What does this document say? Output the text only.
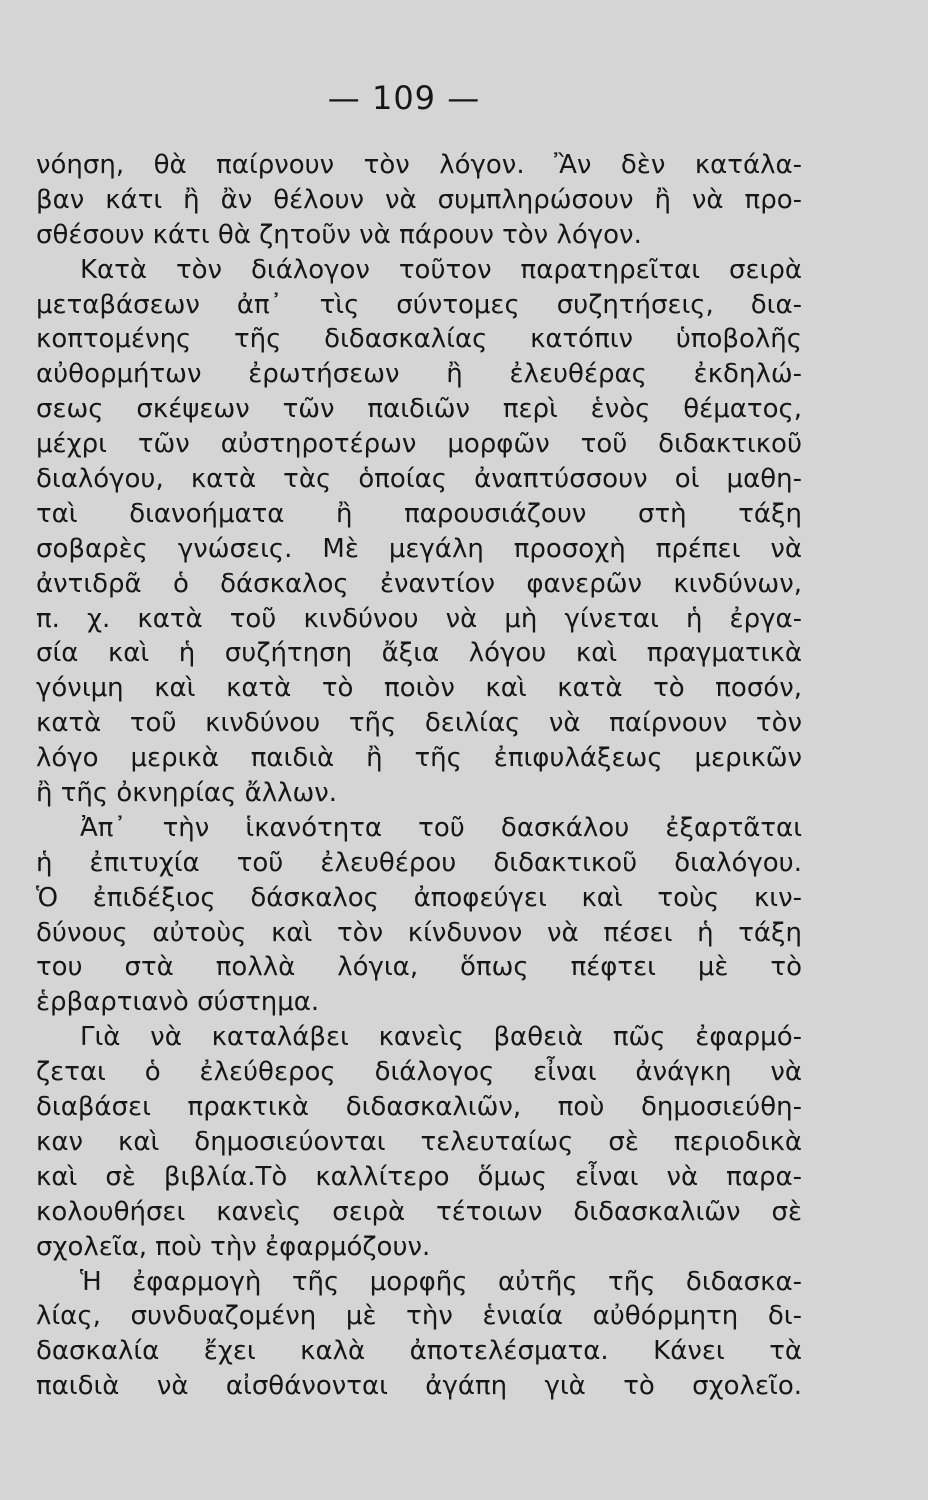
— 109 —
νόηση, θὰ παίρνουν τὸν λόγον. Ἂν δὲν κατάλα-
βαν κάτι ἢ ἂν θέλουν νὰ συμπληρώσουν ἢ νὰ προ-
σθέσουν κάτι θὰ ζητοῦν νὰ πάρουν τὸν λόγον.
Κατὰ τὸν διάλογον τοῦτον παρατηρεῖται σειρὰ
μεταβάσεων ἀπ᾽ τὶς σύντομες συζητήσεις, δια-
κοπτομένης τῆς διδασκαλίας κατόπιν ὑποβολῆς
αὐθορμήτων ἐρωτήσεων ἢ ἐλευθέρας ἐκδηλώ-
σεως σκέψεων τῶν παιδιῶν περὶ ἑνὸς θέματος,
μέχρι τῶν αὐστηροτέρων μορφῶν τοῦ διδακτικοῦ
διαλόγου, κατὰ τὰς ὁποίας ἀναπτύσσουν οἱ μαθη-
ταὶ διανοήματα ἢ παρουσιάζουν στὴ τάξη
σοβαρὲς γνώσεις. Μὲ μεγάλη προσοχὴ πρέπει νὰ
ἀντιδρᾶ ὁ δάσκαλος ἐναντίον φανερῶν κινδύνων,
π. χ. κατὰ τοῦ κινδύνου νὰ μὴ γίνεται ἡ ἐργα-
σία καὶ ἡ συζήτηση ἄξια λόγου καὶ πραγματικὰ
γόνιμη καὶ κατὰ τὸ ποιὸν καὶ κατὰ τὸ ποσόν,
κατὰ τοῦ κινδύνου τῆς δειλίας νὰ παίρνουν τὸν
λόγο μερικὰ παιδιὰ ἢ τῆς ἐπιφυλάξεως μερικῶν
ἢ τῆς ὀκνηρίας ἄλλων.
Ἀπ᾽ τὴν ἱκανότητα τοῦ δασκάλου ἐξαρτᾶται
ἡ ἐπιτυχία τοῦ ἐλευθέρου διδακτικοῦ διαλόγου.
Ὁ ἐπιδέξιος δάσκαλος ἀποφεύγει καὶ τοὺς κιν-
δύνους αὐτοὺς καὶ τὸν κίνδυνον νὰ πέσει ἡ τάξη
του στὰ πολλὰ λόγια, ὅπως πέφτει μὲ τὸ
ἑρβαρτιανὸ σύστημα.
Γιὰ νὰ καταλάβει κανεὶς βαθειὰ πῶς ἐφαρμό-
ζεται ὁ ἐλεύθερος διάλογος εἶναι ἀνάγκη νὰ
διαβάσει πρακτικὰ διδασκαλιῶν, ποὺ δημοσιεύθη-
καν καὶ δημοσιεύονται τελευταίως σὲ περιοδικὰ
καὶ σὲ βιβλία.Τὸ καλλίτερο ὅμως εἶναι νὰ παρα-
κολουθήσει κανεὶς σειρὰ τέτοιων διδασκαλιῶν σὲ
σχολεῖα, ποὺ τὴν ἐφαρμόζουν.
Ἡ ἐφαρμογὴ τῆς μορφῆς αὐτῆς τῆς διδασκα-
λίας, συνδυαζομένη μὲ τὴν ἑνιαία αὐθόρμητη δι-
δασκαλία ἔχει καλὰ ἀποτελέσματα. Κάνει τὰ
παιδιὰ νὰ αἰσθάνονται ἀγάπη γιὰ τὸ σχολεῖο.
